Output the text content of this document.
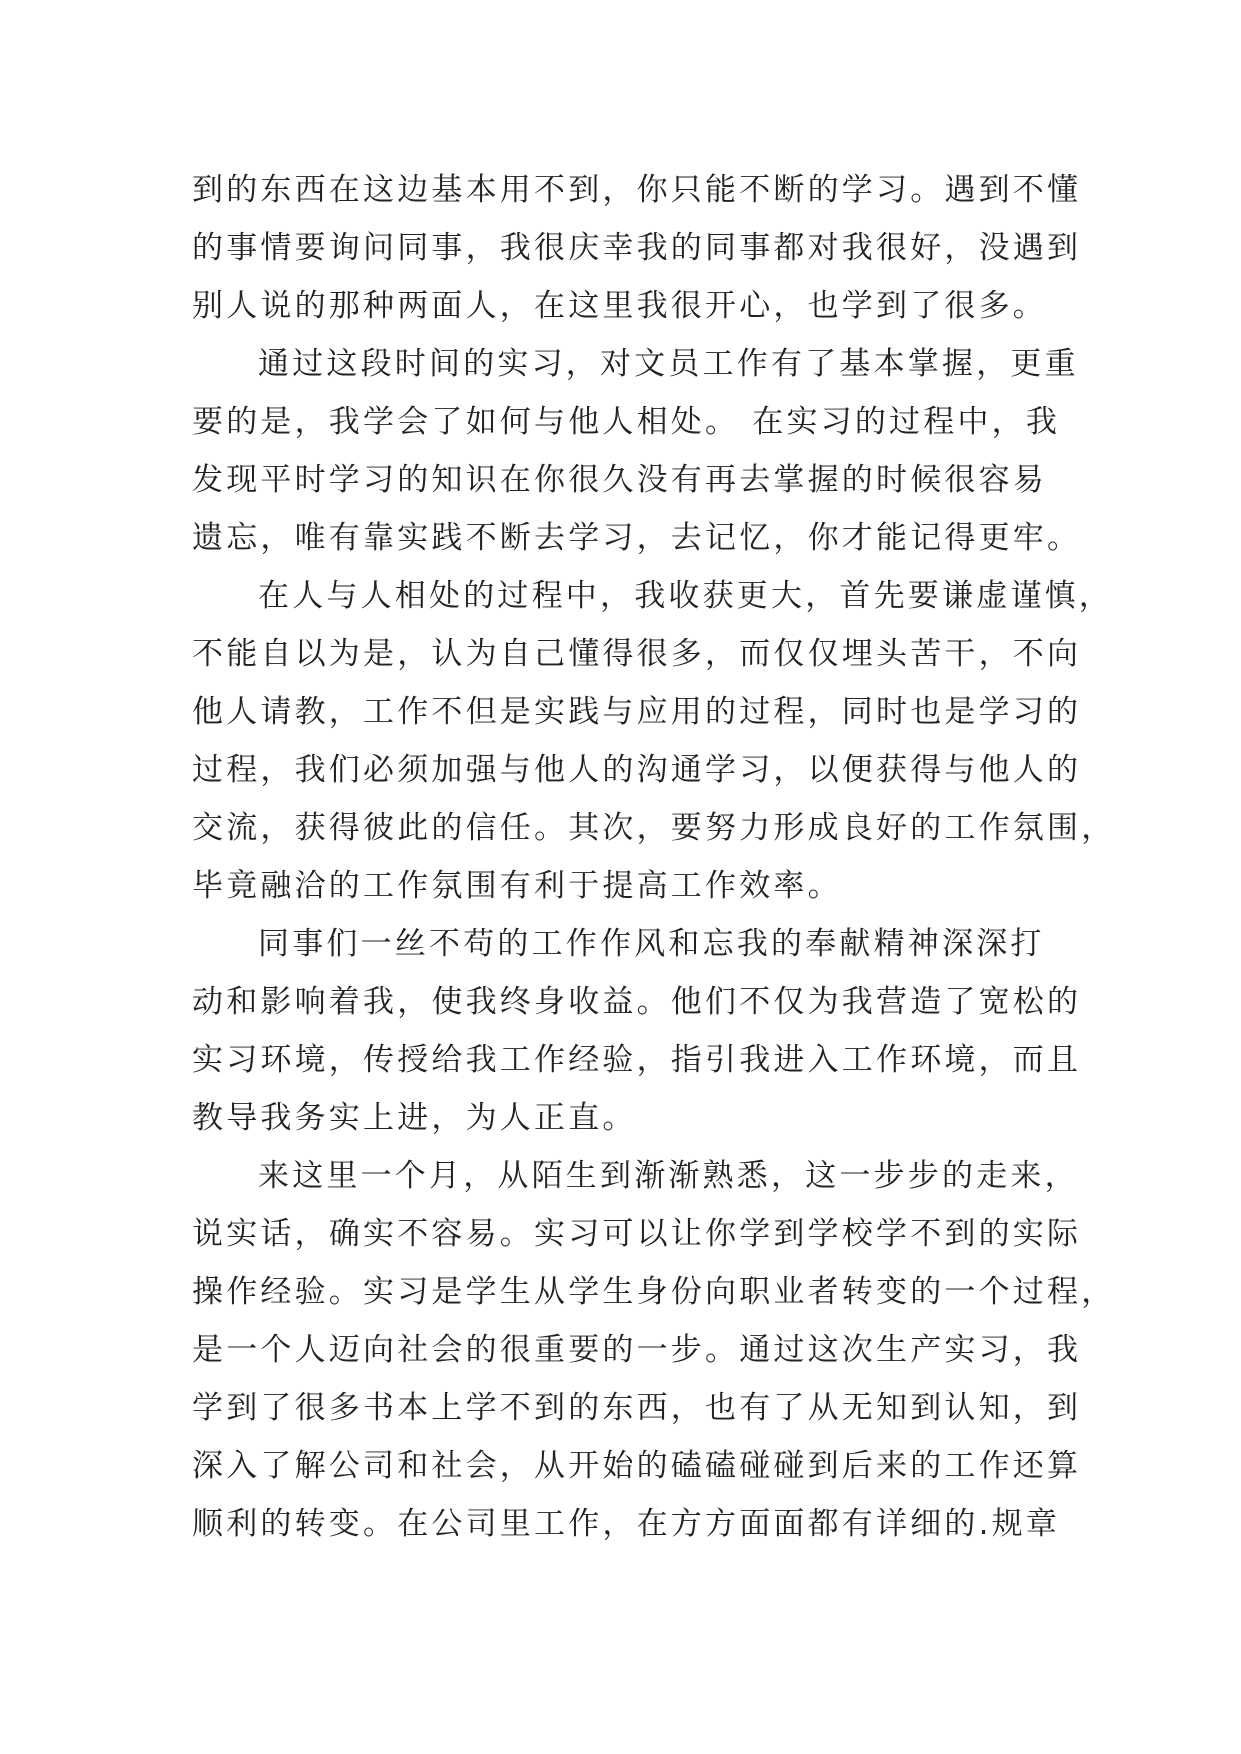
到的东西在这边基本用不到，你只能不断的学习。遇到不懂
的事情要询问同事，我很庆幸我的同事都对我很好，没遇到
别人说的那种两面人，在这里我很开心，也学到了很多。
通过这段时间的实习，对文员工作有了基本掌握，更重
要的是，我学会了如何与他人相处。 在实习的过程中，我
发现平时学习的知识在你很久没有再去掌握的时候很容易
遗忘，唯有靠实践不断去学习，去记忆，你才能记得更牢。
在人与人相处的过程中，我收获更大，首先要谦虚谨慎，
不能自以为是，认为自己懂得很多，而仅仅埋头苦干，不向
他人请教，工作不但是实践与应用的过程，同时也是学习的
过程，我们必须加强与他人的沟通学习，以便获得与他人的
交流，获得彼此的信任。其次，要努力形成良好的工作氛围，
毕竟融洽的工作氛围有利于提高工作效率。
同事们一丝不苟的工作作风和忘我的奉献精神深深打
动和影响着我，使我终身收益。他们不仅为我营造了宽松的
实习环境，传授给我工作经验，指引我进入工作环境，而且
教导我务实上进，为人正直。
来这里一个月，从陌生到渐渐熟悉，这一步步的走来，
说实话，确实不容易。实习可以让你学到学校学不到的实际
操作经验。实习是学生从学生身份向职业者转变的一个过程，
是一个人迈向社会的很重要的一步。通过这次生产实习，我
学到了很多书本上学不到的东西，也有了从无知到认知，到
深入了解公司和社会，从开始的磕磕碰碰到后来的工作还算
顺利的转变。在公司里工作，在方方面面都有详细的.规章
